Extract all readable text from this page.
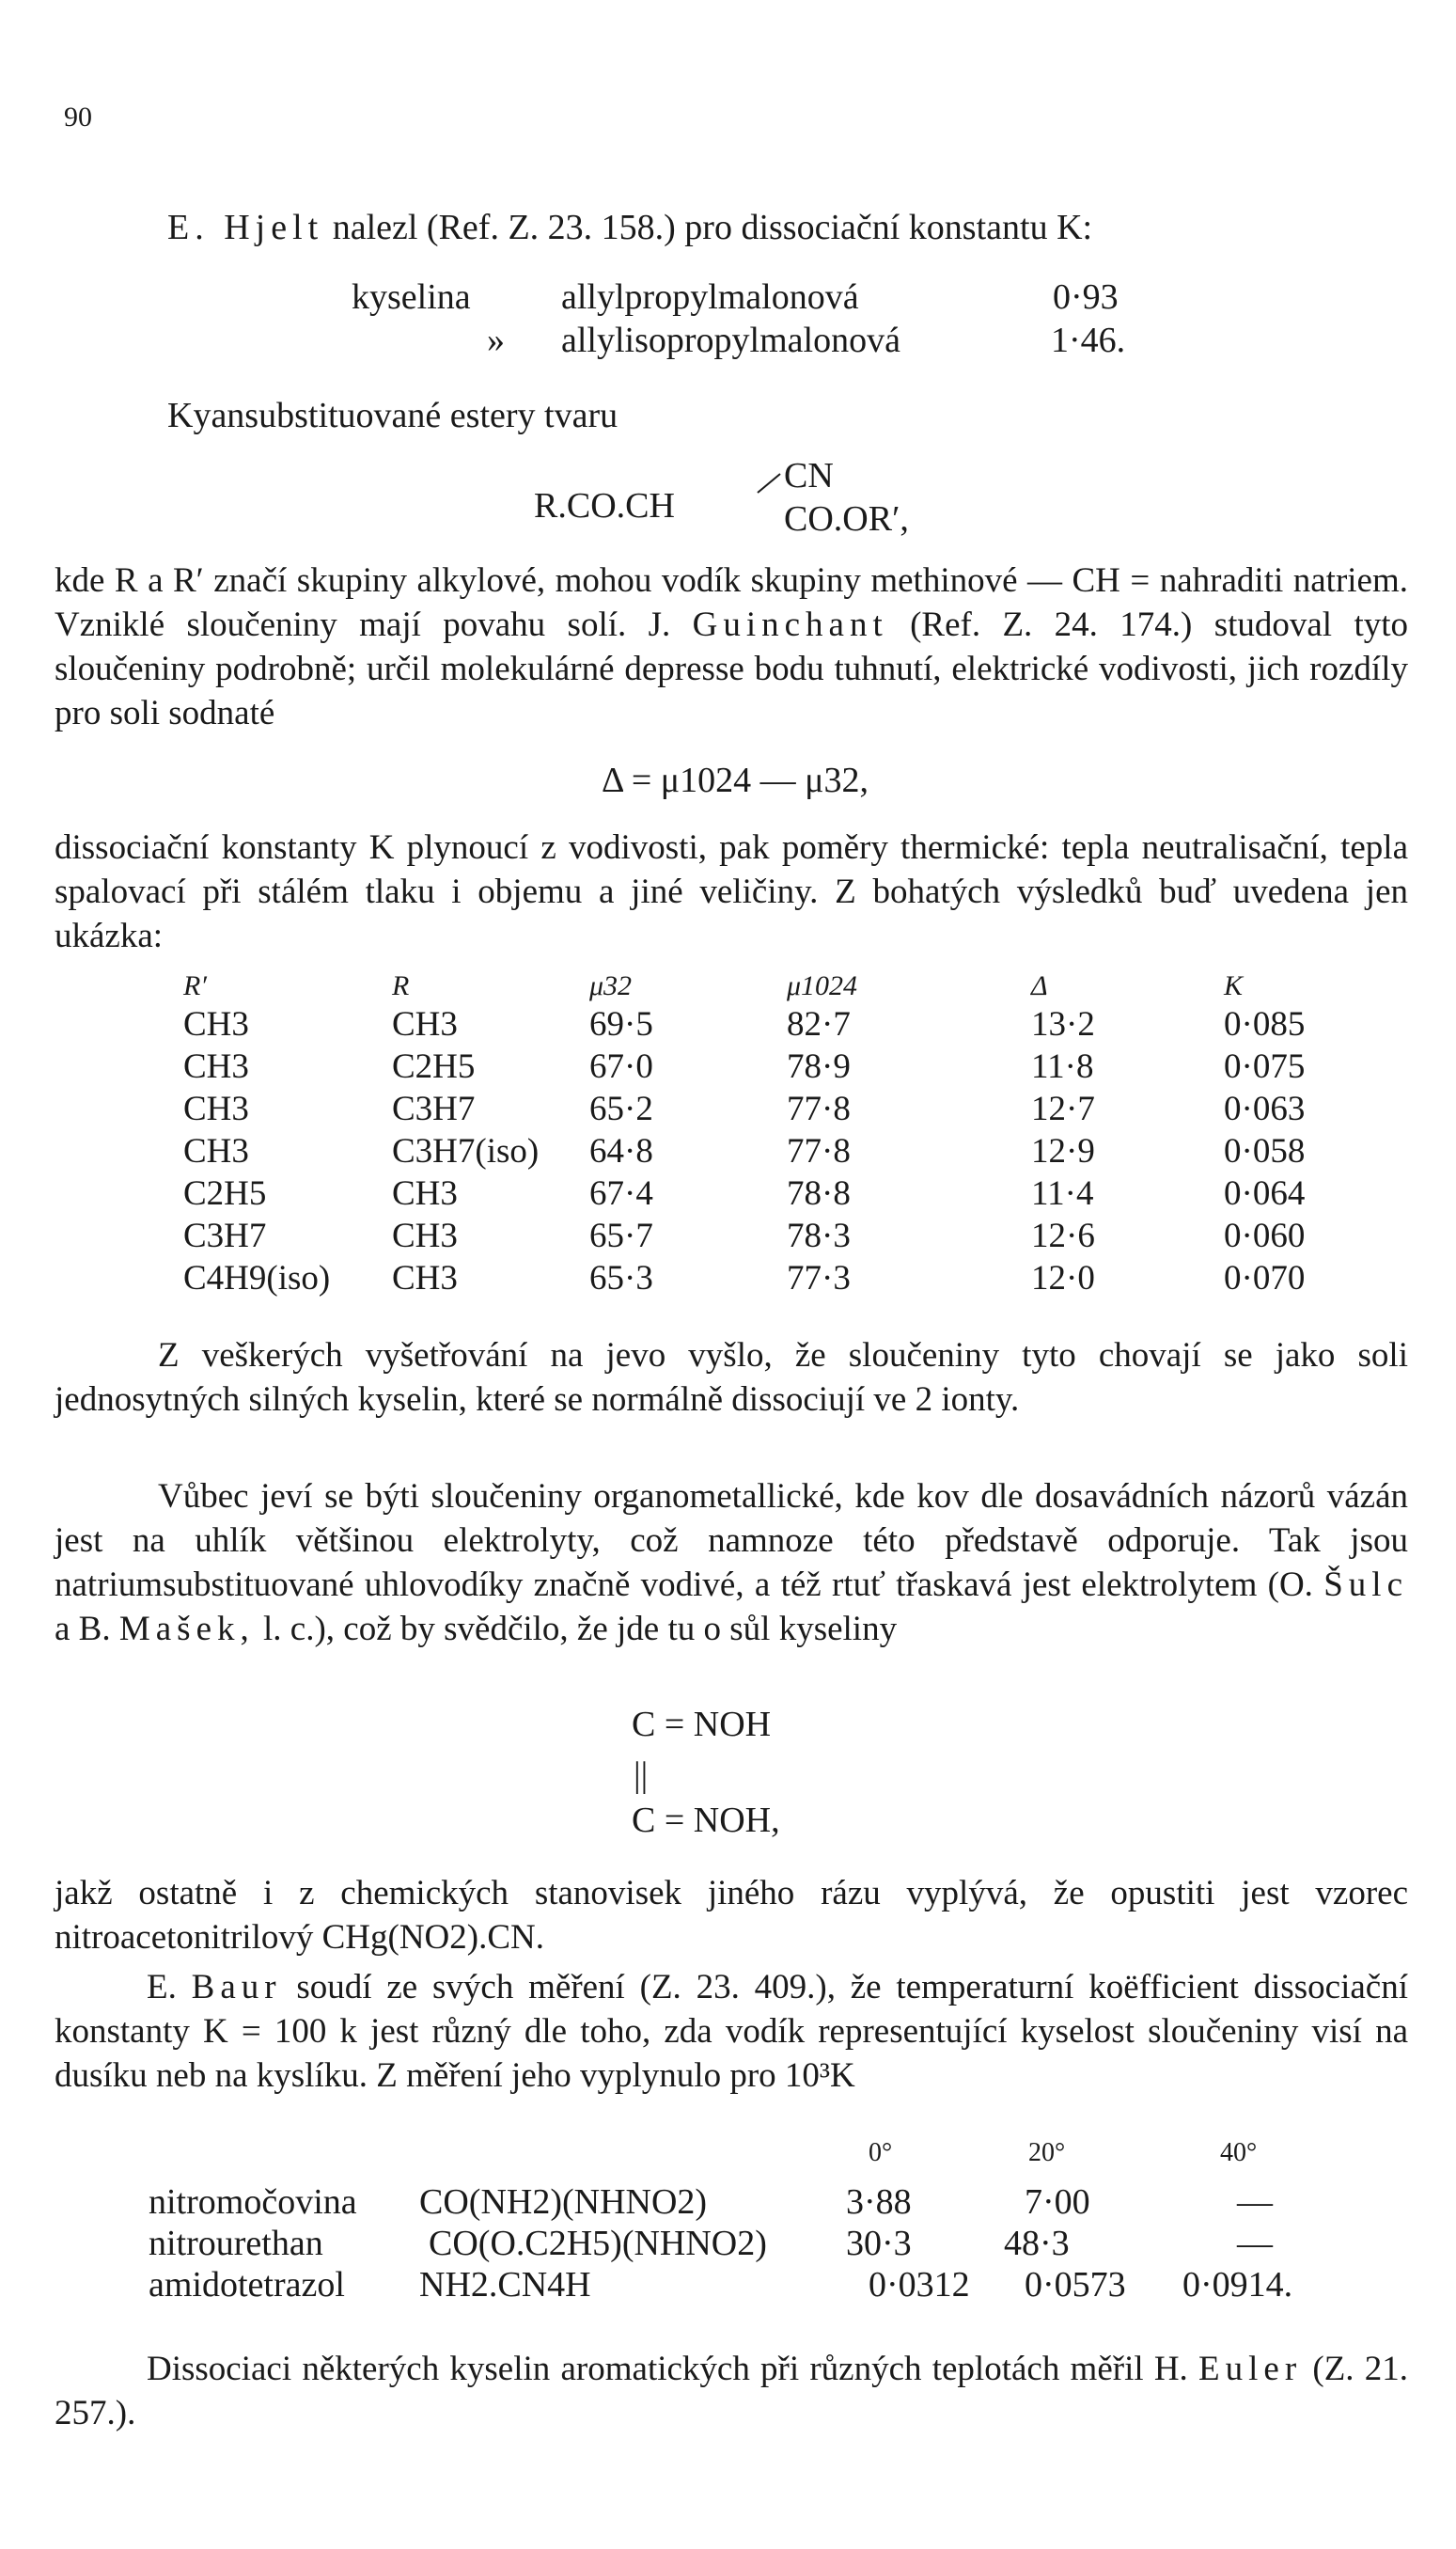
90
E. Hjelt nalezl (Ref. Z. 23. 158.) pro dissociační konstantu K:
kyselina	allylpropylmalonová	0·93
» allylisopropylmalonová	1·46.
Kyansubstituované estery tvaru
R.CO.CH
CN
CO.OR′,
kde R a R′ značí skupiny alkylové, mohou vodík skupiny methinové — CH = nahraditi natriem. Vzniklé sloučeniny mají povahu solí. J. Guinchant (Ref. Z. 24. 174.) studoval tyto sloučeniny podrobně; určil molekulárné depresse bodu tuhnutí, elektrické vodivosti, jich rozdíly pro soli sodnaté
Δ = μ1024 — μ32,
dissociační konstanty K plynoucí z vodivosti, pak poměry thermické: tepla neutralisační, tepla spalovací při stálém tlaku i objemu a jiné veličiny. Z bohatých výsledků buď uvedena jen ukázka:
R′	R	μ32	μ1024	Δ	K
CH3	CH3	69·5	82·7	13·2	0·085
CH3	C2H5	67·0	78·9	11·8	0·075
CH3	C3H7	65·2	77·8	12·7	0·063
CH3	C3H7(iso)	64·8	77·8	12·9	0·058
C2H5	CH3	67·4	78·8	11·4	0·064
C3H7	CH3	65·7	78·3	12·6	0·060
C4H9(iso)	CH3	65·3	77·3	12·0	0·070
Z veškerých vyšetřování na jevo vyšlo, že sloučeniny tyto chovají se jako soli jednosytných silných kyselin, které se normálně dissociují ve 2 ionty.
Vůbec jeví se býti sloučeniny organometallické, kde kov dle dosavádních názorů vázán jest na uhlík většinou elektrolyty, což namnoze této představě odporuje. Tak jsou natriumsubstituované uhlovodíky značně vodivé, a též rtuť třaskavá jest elektrolytem (O. Šulc a B. Mašek, l. c.), což by svědčilo, že jde tu o sůl kyseliny
C = NOH
||
C = NOH,
jakž ostatně i z chemických stanovisek jiného rázu vyplývá, že opustiti jest vzorec nitroacetonitrilový CHg(NO2).CN.
E. Baur soudí ze svých měření (Z. 23. 409.), že temperaturní koëfficient dissociační konstanty K = 100 k jest různý dle toho, zda vodík representující kyselost sloučeniny visí na dusíku neb na kyslíku. Z měření jeho vyplynulo pro 10³K
0°	20°	40°
nitromočovina CO(NH2)(NHNO2)	3·88	7·00	—
nitrourethan	CO(O.C2H5)(NHNO2) 30·3	48·3	—
amidotetrazol NH2.CN4H	0·0312 0·0573 0·0914.
Dissociaci některých kyselin aromatických při různých teplotách měřil H. Euler (Z. 21. 257.).
